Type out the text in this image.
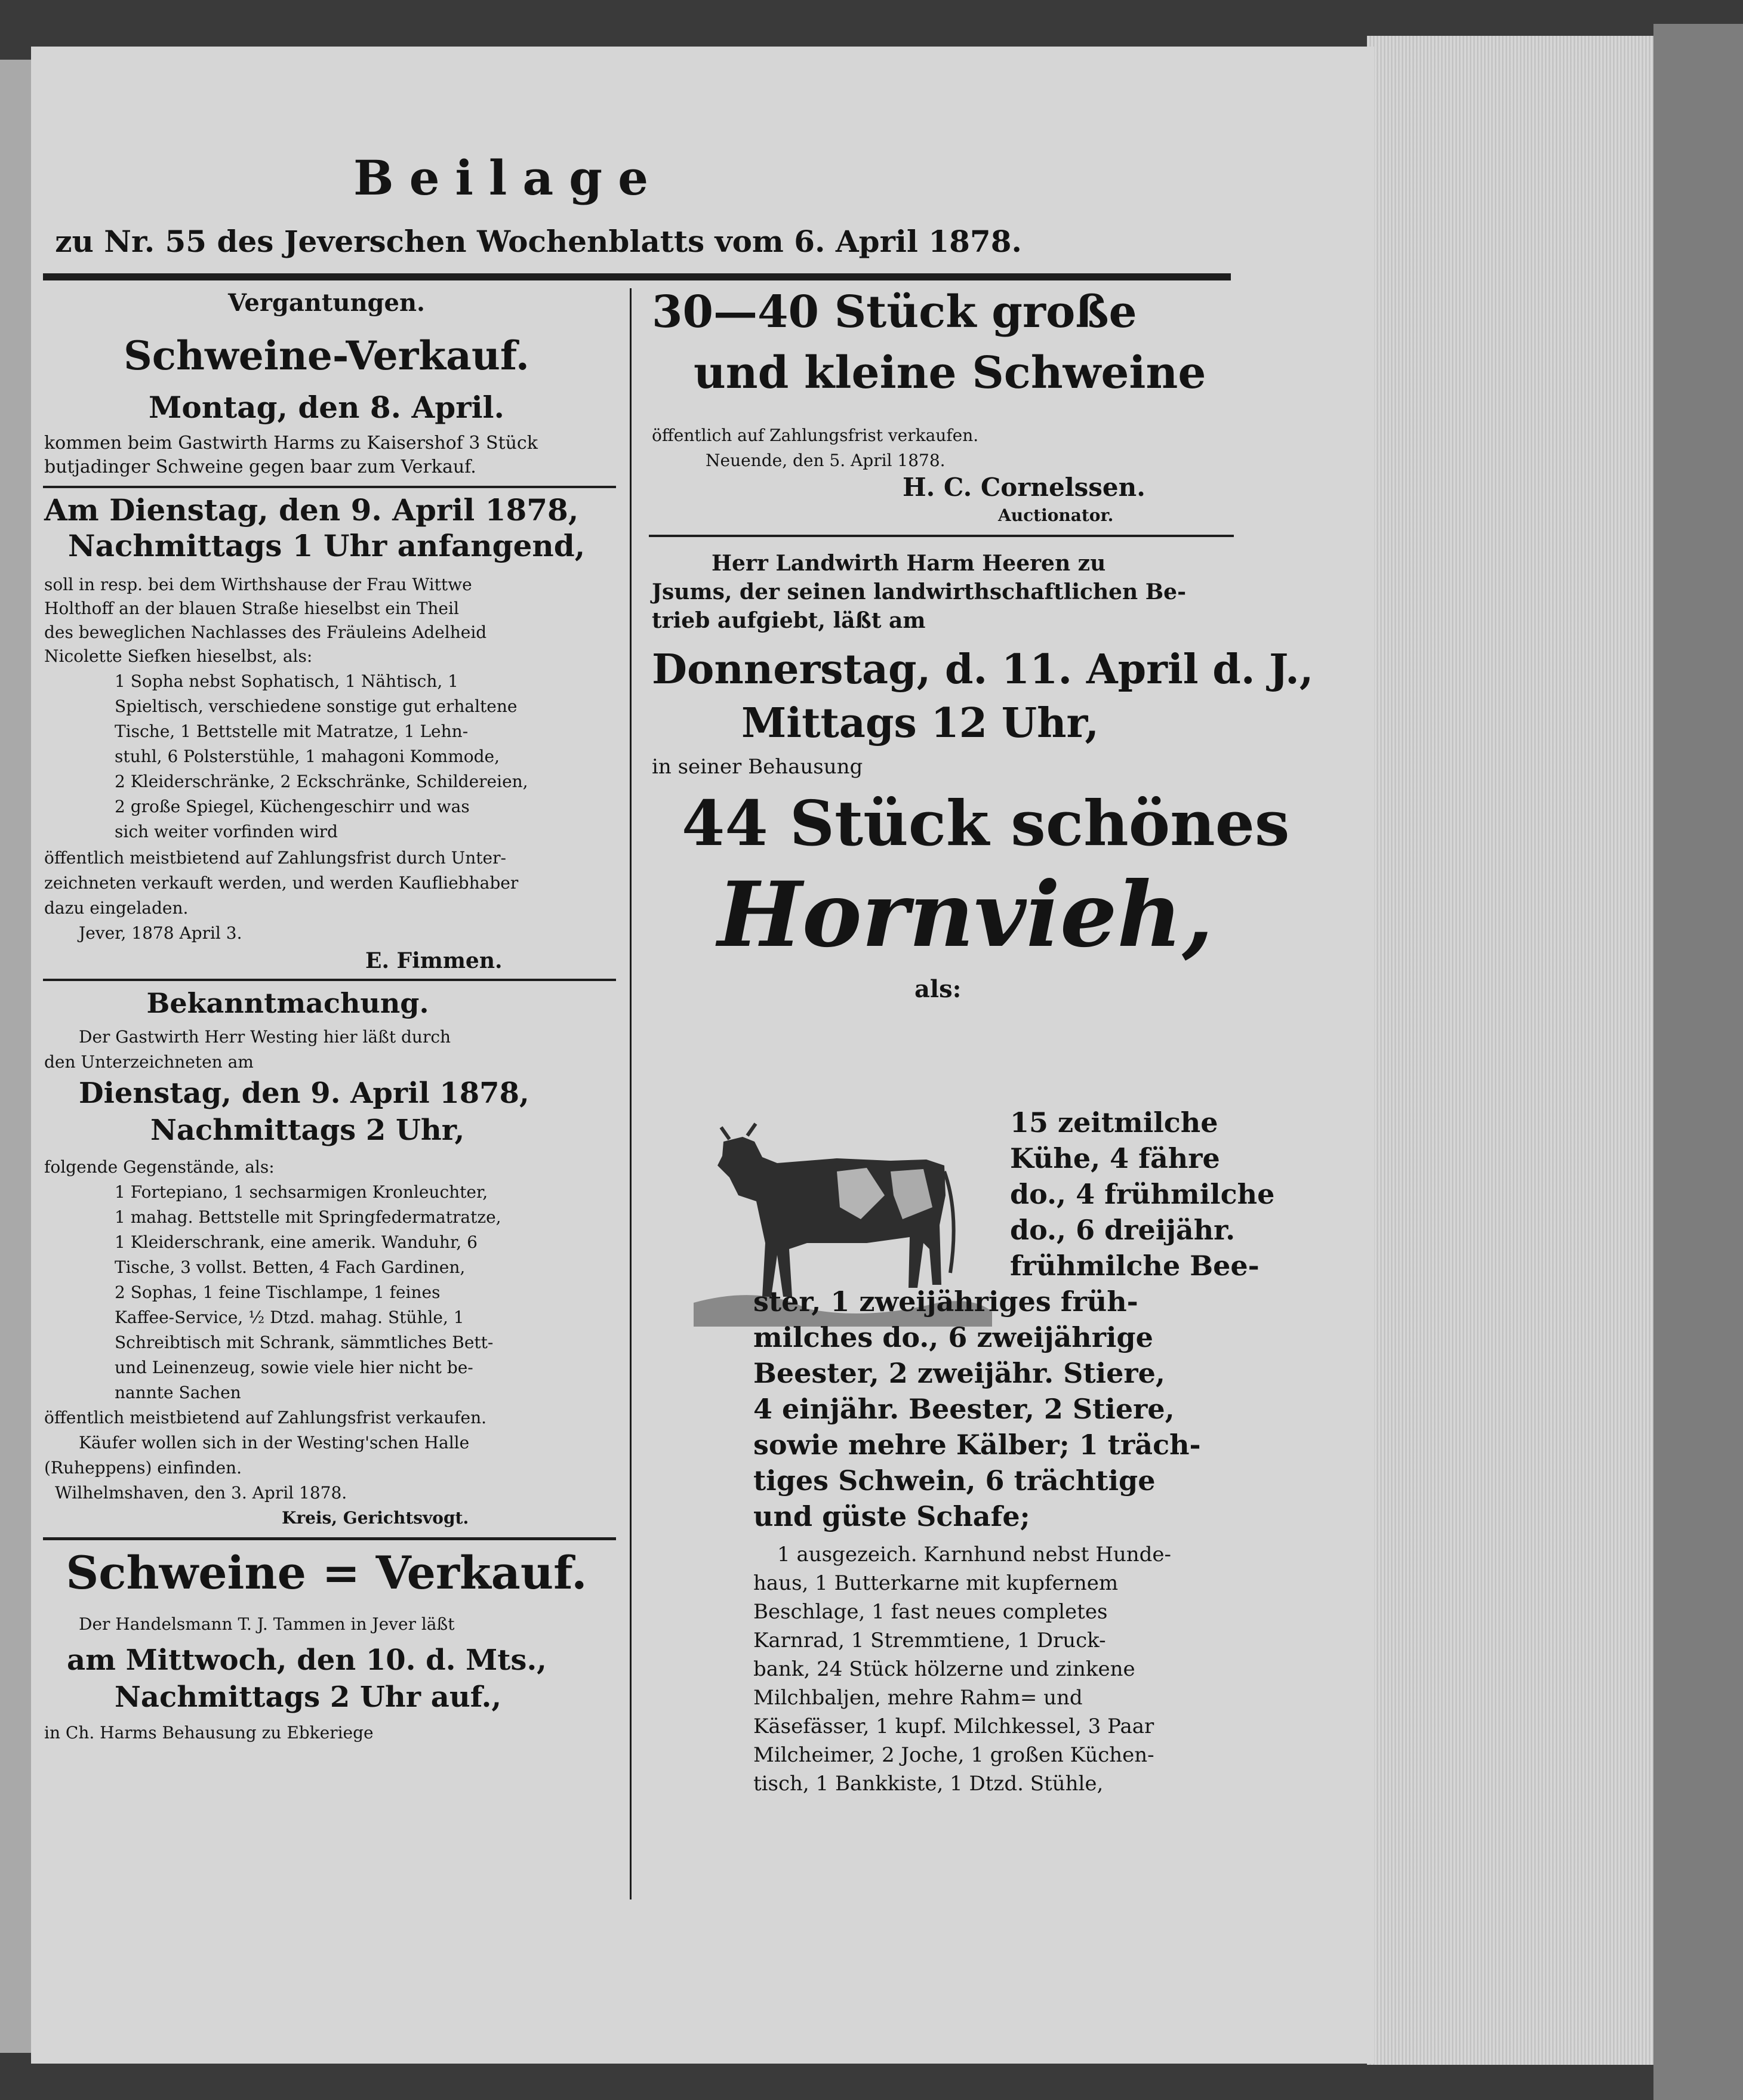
Beilage
zu Nr. 55 des Jeverschen Wochenblatts vom 6. April 1878.
Vergantungen.
Schweine-Verkauf.
Montag, den 8. April.
kommen beim Gastwirth Harms zu Kaisershof 3 Stück
butjadinger Schweine gegen baar zum Verkauf.
Am Dienstag, den 9. April 1878,
Nachmittags 1 Uhr anfangend,
soll in resp. bei dem Wirthshause der Frau Wittwe
Holthoff an der blauen Straße hieselbst ein Theil
des beweglichen Nachlasses des Fräuleins Adelheid
Nicolette Siefken hieselbst, als:
1 Sopha nebst Sophatisch, 1 Nähtisch, 1
Spieltisch, verschiedene sonstige gut erhaltene
Tische, 1 Bettstelle mit Matratze, 1 Lehn-
stuhl, 6 Polsterstühle, 1 mahagoni Kommode,
2 Kleiderschränke, 2 Eckschränke, Schildereien,
2 große Spiegel, Küchengeschirr und was
sich weiter vorfinden wird
öffentlich meistbietend auf Zahlungsfrist durch Unter-
zeichneten verkauft werden, und werden Kaufliebhaber
dazu eingeladen.
Jever, 1878 April 3.
E. Fimmen.
Bekanntmachung.
Der Gastwirth Herr Westing hier läßt durch
den Unterzeichneten am
Dienstag, den 9. April 1878,
Nachmittags 2 Uhr,
folgende Gegenstände, als:
1 Fortepiano, 1 sechsarmigen Kronleuchter,
1 mahag. Bettstelle mit Springfedermatratze,
1 Kleiderschrank, eine amerik. Wanduhr, 6
Tische, 3 vollst. Betten, 4 Fach Gardinen,
2 Sophas, 1 feine Tischlampe, 1 feines
Kaffee-Service, ½ Dtzd. mahag. Stühle, 1
Schreibtisch mit Schrank, sämmtliches Bett-
und Leinenzeug, sowie viele hier nicht be-
nannte Sachen
öffentlich meistbietend auf Zahlungsfrist verkaufen.
Käufer wollen sich in der Westing'schen Halle
(Ruheppens) einfinden.
Wilhelmshaven, den 3. April 1878.
Kreis, Gerichtsvogt.
Schweine = Verkauf.
Der Handelsmann T. J. Tammen in Jever läßt
am Mittwoch, den 10. d. Mts.,
Nachmittags 2 Uhr auf.,
in Ch. Harms Behausung zu Ebkeriege
30—40 Stück große
und kleine Schweine
öffentlich auf Zahlungsfrist verkaufen.
Neuende, den 5. April 1878.
H. C. Cornelssen.
Auctionator.
Herr Landwirth Harm Heeren zu
Jsums, der seinen landwirthschaftlichen Be-
trieb aufgiebt, läßt am
Donnerstag, d. 11. April d. J.,
Mittags 12 Uhr,
in seiner Behausung
44 Stück schönes
Hornvieh,
als:
15 zeitmilche
Kühe, 4 fähre
do., 4 frühmilche
do., 6 dreijähr.
frühmilche Bee-
ster, 1 zweijähriges früh-
milches do., 6 zweijährige
Beester, 2 zweijähr. Stiere,
4 einjähr. Beester, 2 Stiere,
sowie mehre Kälber; 1 träch-
tiges Schwein, 6 trächtige
und güste Schafe;
1 ausgezeich. Karnhund nebst Hunde-
haus, 1 Butterkarne mit kupfernem
Beschlage, 1 fast neues completes
Karnrad, 1 Stremmtiene, 1 Druck-
bank, 24 Stück hölzerne und zinkene
Milchbaljen, mehre Rahm= und
Käsefässer, 1 kupf. Milchkessel, 3 Paar
Milcheimer, 2 Joche, 1 großen Küchen-
tisch, 1 Bankkiste, 1 Dtzd. Stühle,
